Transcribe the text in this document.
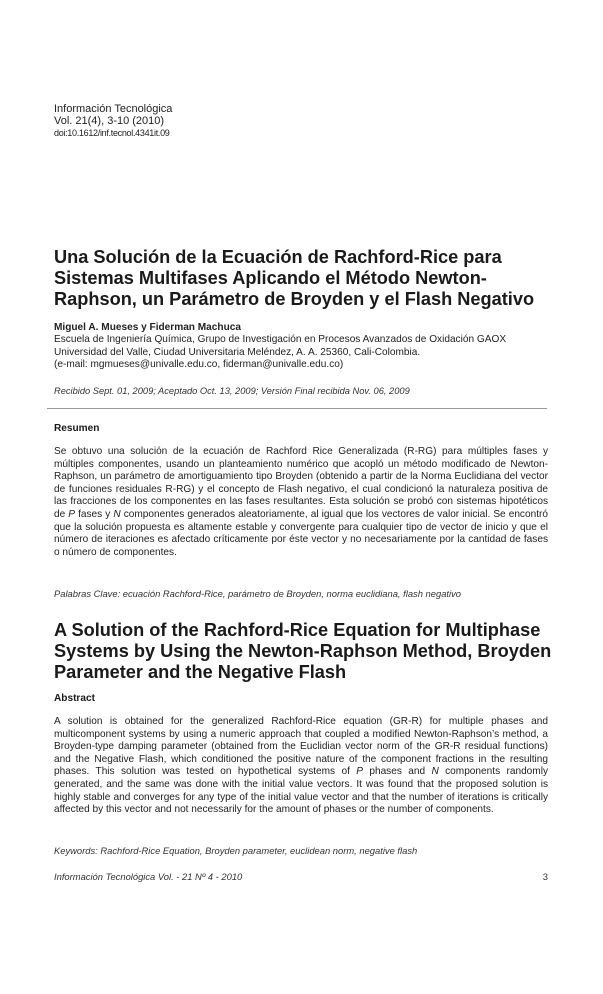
Información Tecnológica
Vol. 21(4), 3-10 (2010)
doi:10.1612/inf.tecnol.4341it.09
Una Solución de la Ecuación de Rachford-Rice para
Sistemas Multifases Aplicando el Método Newton-
Raphson, un Parámetro de Broyden y el Flash Negativo
Miguel A. Mueses y Fiderman Machuca
Escuela de Ingeniería Química, Grupo de Investigación en Procesos Avanzados de Oxidación GAOX
Universidad del Valle, Ciudad Universitaria Meléndez, A. A. 25360, Cali-Colombia.
(e-mail: mgmueses@univalle.edu.co, fiderman@univalle.edu.co)
Recibido Sept. 01, 2009; Aceptado Oct. 13, 2009; Versión Final recibida Nov. 06, 2009
Resumen

Se obtuvo una solución de la ecuación de Rachford Rice Generalizada (R-RG) para múltiples fases y múltiples componentes, usando un planteamiento numérico que acopló un método modificado de Newton-Raphson, un parámetro de amortiguamiento tipo Broyden (obtenido a partir de la Norma Euclidiana del vector de funciones residuales R-RG) y el concepto de Flash negativo, el cual condicionó la naturaleza positiva de las fracciones de los componentes en las fases resultantes. Esta solución se probó con sistemas hipotéticos de P fases y N componentes generados aleatoriamente, al igual que los vectores de valor inicial. Se encontró que la solución propuesta es altamente estable y convergente para cualquier tipo de vector de inicio y que el número de iteraciones es afectado críticamente por éste vector y no necesariamente por la cantidad de fases o número de componentes.

Palabras Clave: ecuación Rachford-Rice, parámetro de Broyden, norma euclidiana, flash negativo

A Solution of the Rachford-Rice Equation for Multiphase
Systems by Using the Newton-Raphson Method, Broyden
Parameter and the Negative Flash
Abstract

A solution is obtained for the generalized Rachford-Rice equation (GR-R) for multiple phases and multicomponent systems by using a numeric approach that coupled a modified Newton-Raphson’s method, a Broyden-type damping parameter (obtained from the Euclidian vector norm of the GR-R residual functions) and the Negative Flash, which conditioned the positive nature of the component fractions in the resulting phases. This solution was tested on hypothetical systems of P phases and N components randomly generated, and the same was done with the initial value vectors. It was found that the proposed solution is highly stable and converges for any type of the initial value vector and that the number of iterations is critically affected by this vector and not necessarily for the amount of phases or the number of components.

Keywords: Rachford-Rice Equation, Broyden parameter, euclidean norm, negative flash

Información Tecnológica Vol. - 21 Nº 4 - 2010	3
